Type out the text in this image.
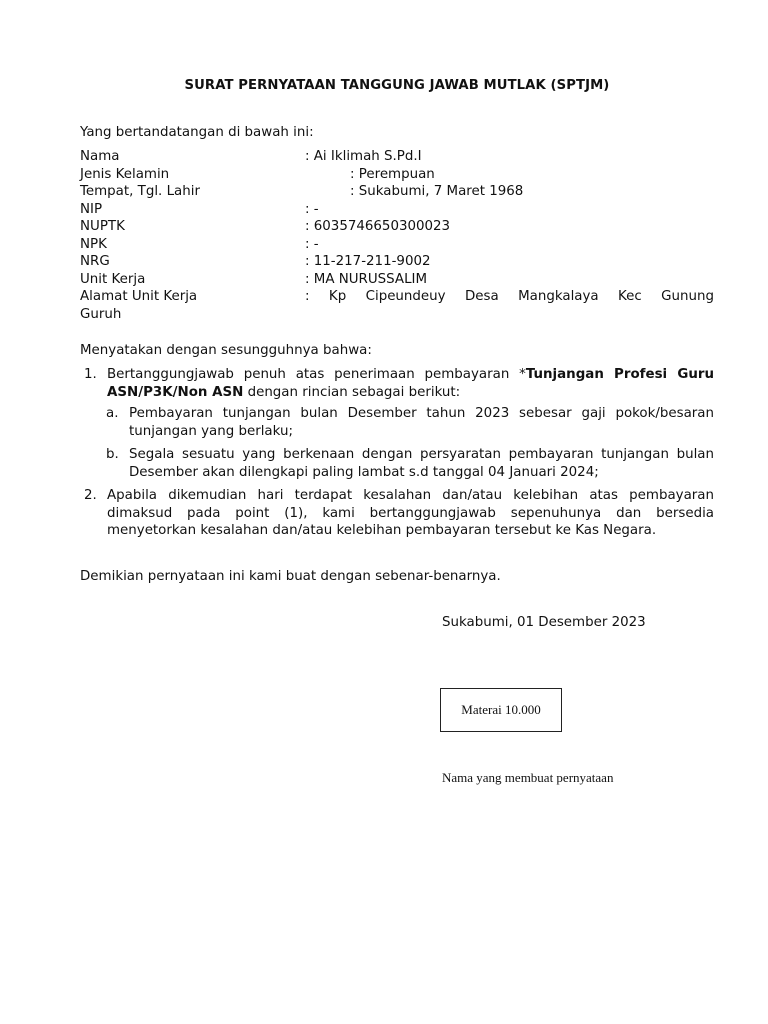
SURAT PERNYATAAN TANGGUNG JAWAB MUTLAK (SPTJM)
Yang bertandatangan di bawah ini:
Nama	: Ai Iklimah S.Pd.I
Jenis Kelamin	: Perempuan
Tempat, Tgl. Lahir	: Sukabumi, 7 Maret 1968
NIP	: -
NUPTK	: 6035746650300023
NPK	: -
NRG	: 11-217-211-9002
Unit Kerja	: MA NURUSSALIM
Alamat Unit Kerja	: Kp Cipeundeuy Desa Mangkalaya Kec Gunung
Guruh
Menyatakan dengan sesungguhnya bahwa:
1. Bertanggungjawab penuh atas penerimaan pembayaran *Tunjangan Profesi Guru ASN/P3K/Non ASN dengan rincian sebagai berikut:
a. Pembayaran tunjangan bulan Desember tahun 2023 sebesar gaji pokok/besaran tunjangan yang berlaku;
b. Segala sesuatu yang berkenaan dengan persyaratan pembayaran tunjangan bulan Desember akan dilengkapi paling lambat s.d tanggal 04 Januari 2024;
2. Apabila dikemudian hari terdapat kesalahan dan/atau kelebihan atas pembayaran dimaksud pada point (1), kami bertanggungjawab sepenuhunya dan bersedia menyetorkan kesalahan dan/atau kelebihan pembayaran tersebut ke Kas Negara.
Demikian pernyataan ini kami buat dengan sebenar-benarnya.
Sukabumi, 01 Desember 2023
Materai 10.000
Nama yang membuat pernyataan
